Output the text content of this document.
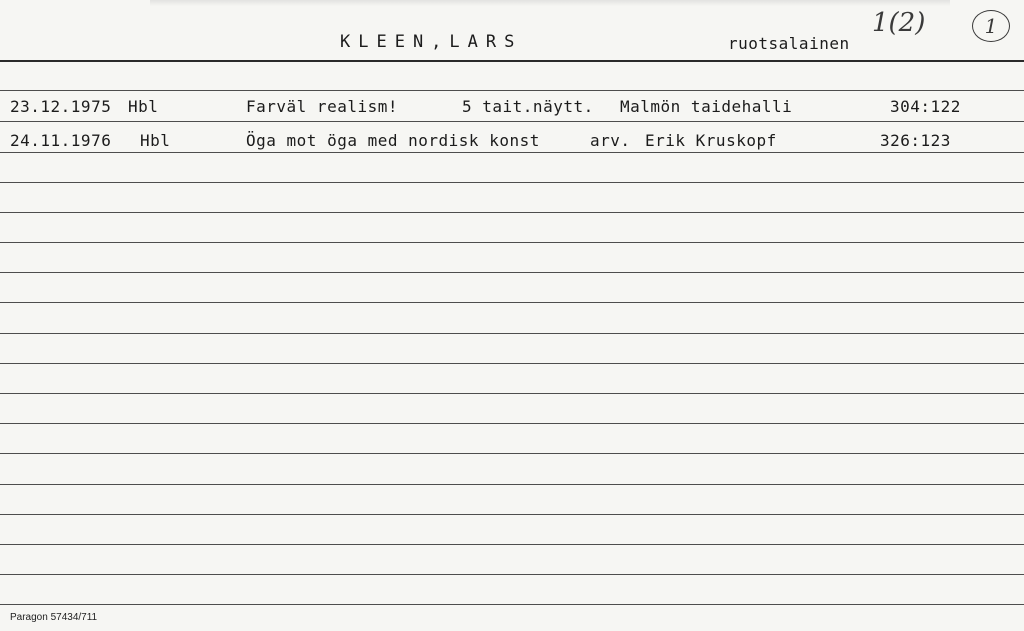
KLEEN,LARS	ruotsalainen
1(2)	1
23.12.1975 Hbl	Farväl realism!	5 tait.näytt. Malmön taidehalli	304:122
24.11.1976 Hbl	Öga mot öga med nordisk konst	arv. Erik Kruskopf	326:123
Paragon 57434/711
